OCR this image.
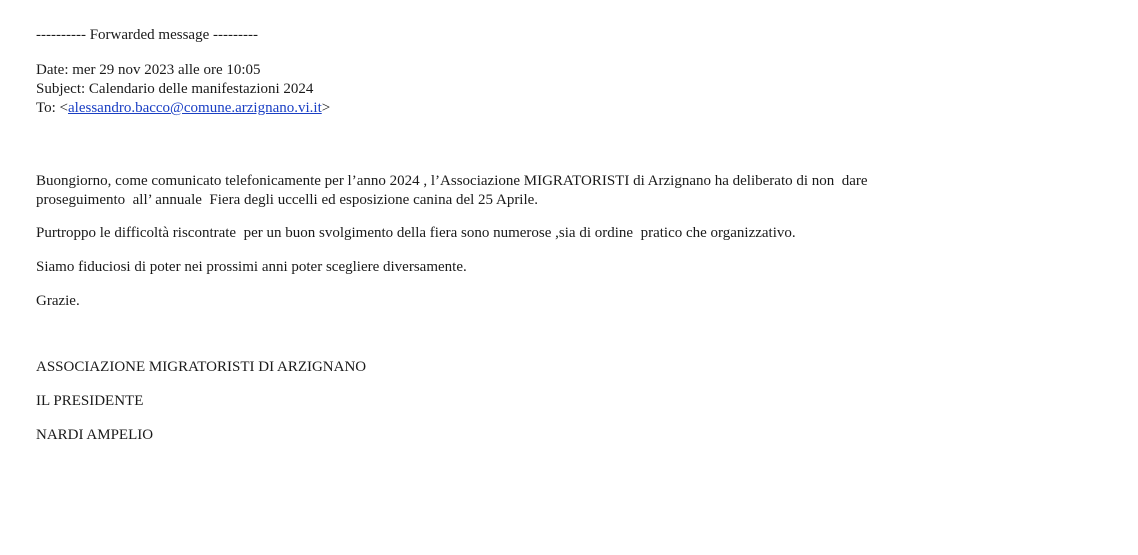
---------- Forwarded message ---------
Date: mer 29 nov 2023 alle ore 10:05
Subject: Calendario delle manifestazioni 2024
To: <alessandro.bacco@comune.arzignano.vi.it>
Buongiorno, come comunicato telefonicamente per l’anno 2024 , l’Associazione MIGRATORISTI di Arzignano ha deliberato di non  dare
proseguimento  all’ annuale  Fiera degli uccelli ed esposizione canina del 25 Aprile.
Purtroppo le difficoltà riscontrate  per un buon svolgimento della fiera sono numerose ,sia di ordine  pratico che organizzativo.
Siamo fiduciosi di poter nei prossimi anni poter scegliere diversamente.
Grazie.
ASSOCIAZIONE MIGRATORISTI DI ARZIGNANO
IL PRESIDENTE
NARDI AMPELIO
